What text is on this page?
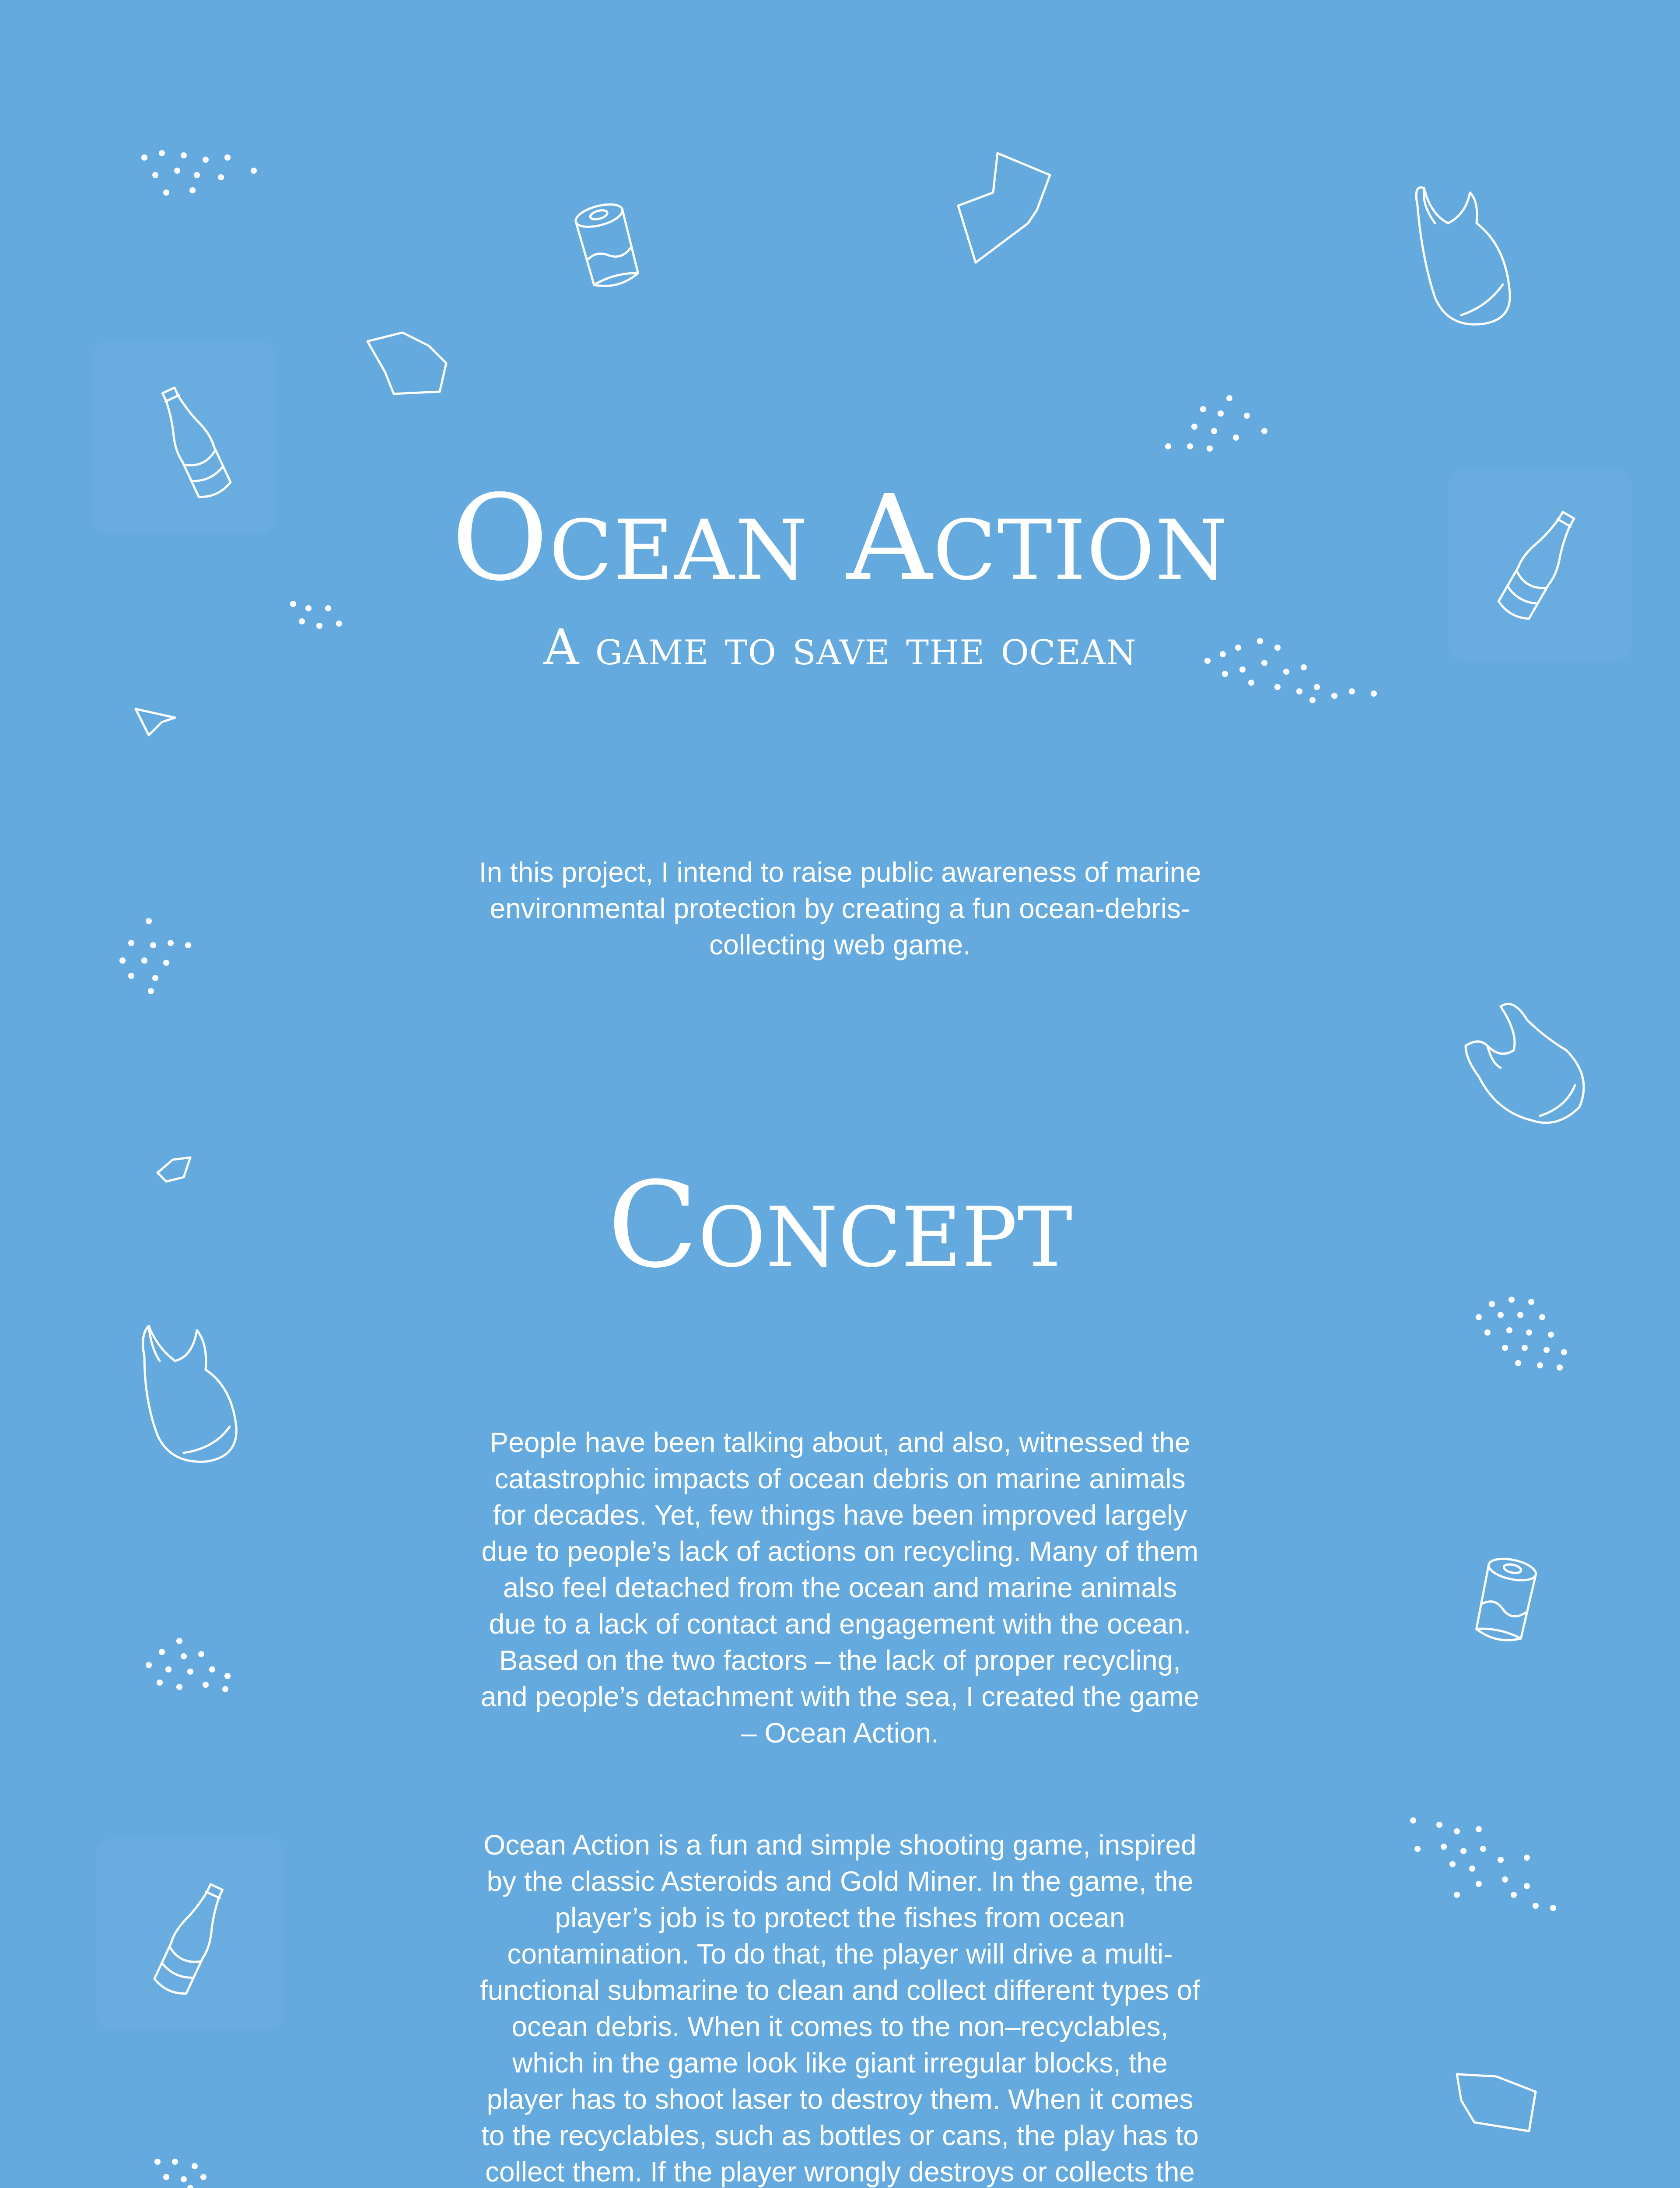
Ocean Action
A game to save the ocean
In this project, I intend to raise public awareness of marine environmental protection by creating a fun ocean-debris-collecting web game.
Concept
People have been talking about, and also, witnessed the catastrophic impacts of ocean debris on marine animals for decades. Yet, few things have been improved largely due to people’s lack of actions on recycling. Many of them also feel detached from the ocean and marine animals due to a lack of contact and engagement with the ocean. Based on the two factors – the lack of proper recycling, and people’s detachment with the sea, I created the game – Ocean Action.
Ocean Action is a fun and simple shooting game, inspired by the classic Asteroids and Gold Miner. In the game, the player’s job is to protect the fishes from ocean contamination. To do that, the player will drive a multi-functional submarine to clean and collect different types of ocean debris. When it comes to the non–recyclables, which in the game look like giant irregular blocks, the player has to shoot laser to destroy them. When it comes to the recyclables, such as bottles or cans, the play has to collect them. If the player wrongly destroys or collects the
